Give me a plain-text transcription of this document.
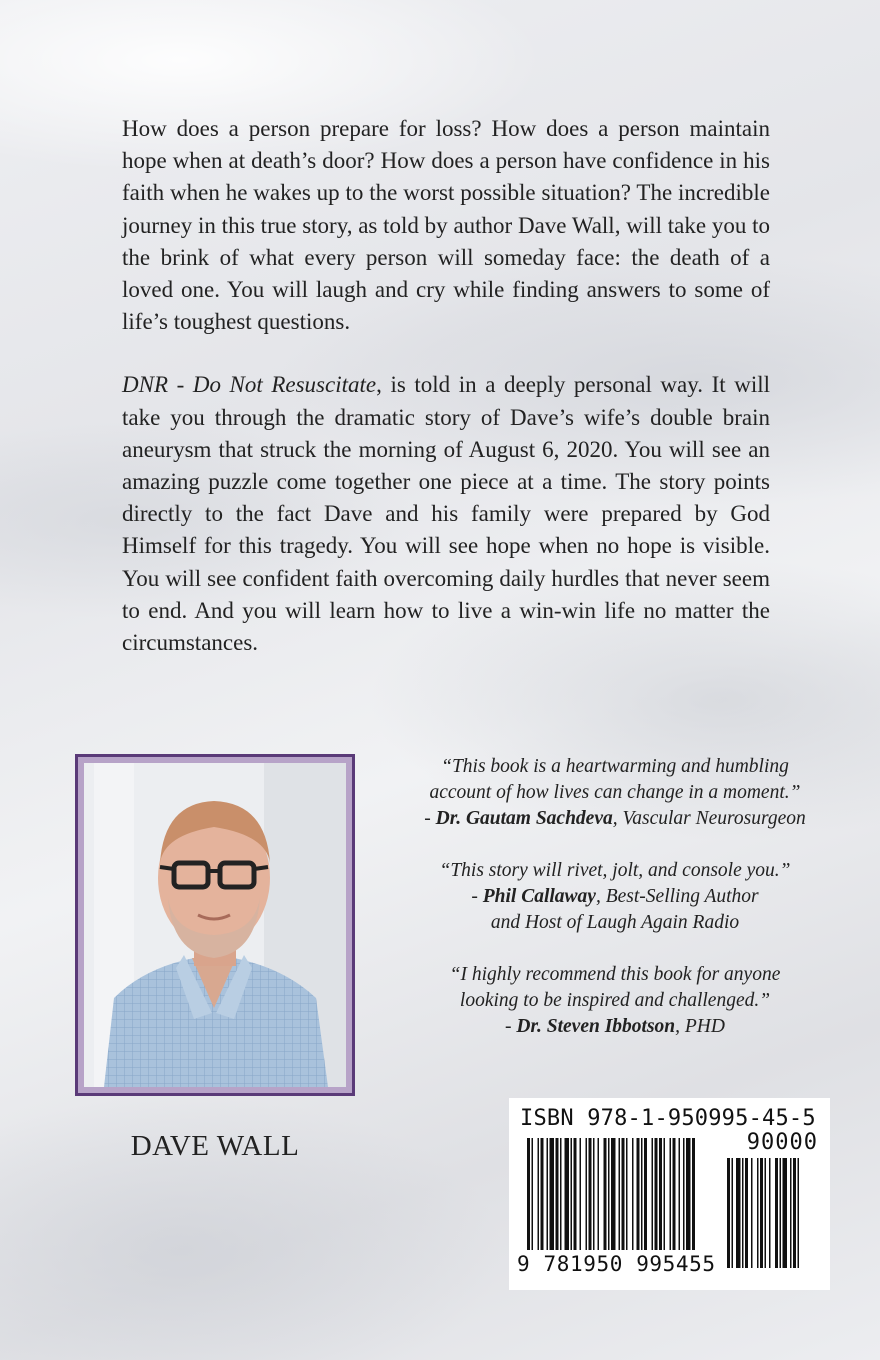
How does a person prepare for loss? How does a person maintain hope when at death’s door? How does a person have confidence in his faith when he wakes up to the worst possible situation? The incredible journey in this true story, as told by author Dave Wall, will take you to the brink of what every person will someday face: the death of a loved one. You will laugh and cry while finding answers to some of life’s toughest questions.

DNR - Do Not Resuscitate, is told in a deeply personal way. It will take you through the dramatic story of Dave’s wife’s double brain aneurysm that struck the morning of August 6, 2020. You will see an amazing puzzle come together one piece at a time. The story points directly to the fact Dave and his family were prepared by God Himself for this tragedy. You will see hope when no hope is visible. You will see confident faith overcoming daily hurdles that never seem to end. And you will learn how to live a win-win life no matter the circumstances.

DAVE WALL
“This book is a heartwarming and humbling
account of how lives can change in a moment.”
- Dr. Gautam Sachdeva, Vascular Neurosurgeon
“This story will rivet, jolt, and console you.”
- Phil Callaway, Best-Selling Author
and Host of Laugh Again Radio
“I highly recommend this book for anyone
looking to be inspired and challenged.”
- Dr. Steven Ibbotson, PHD
ISBN 978-1-950995-45-5
90000
9 781950 995455
